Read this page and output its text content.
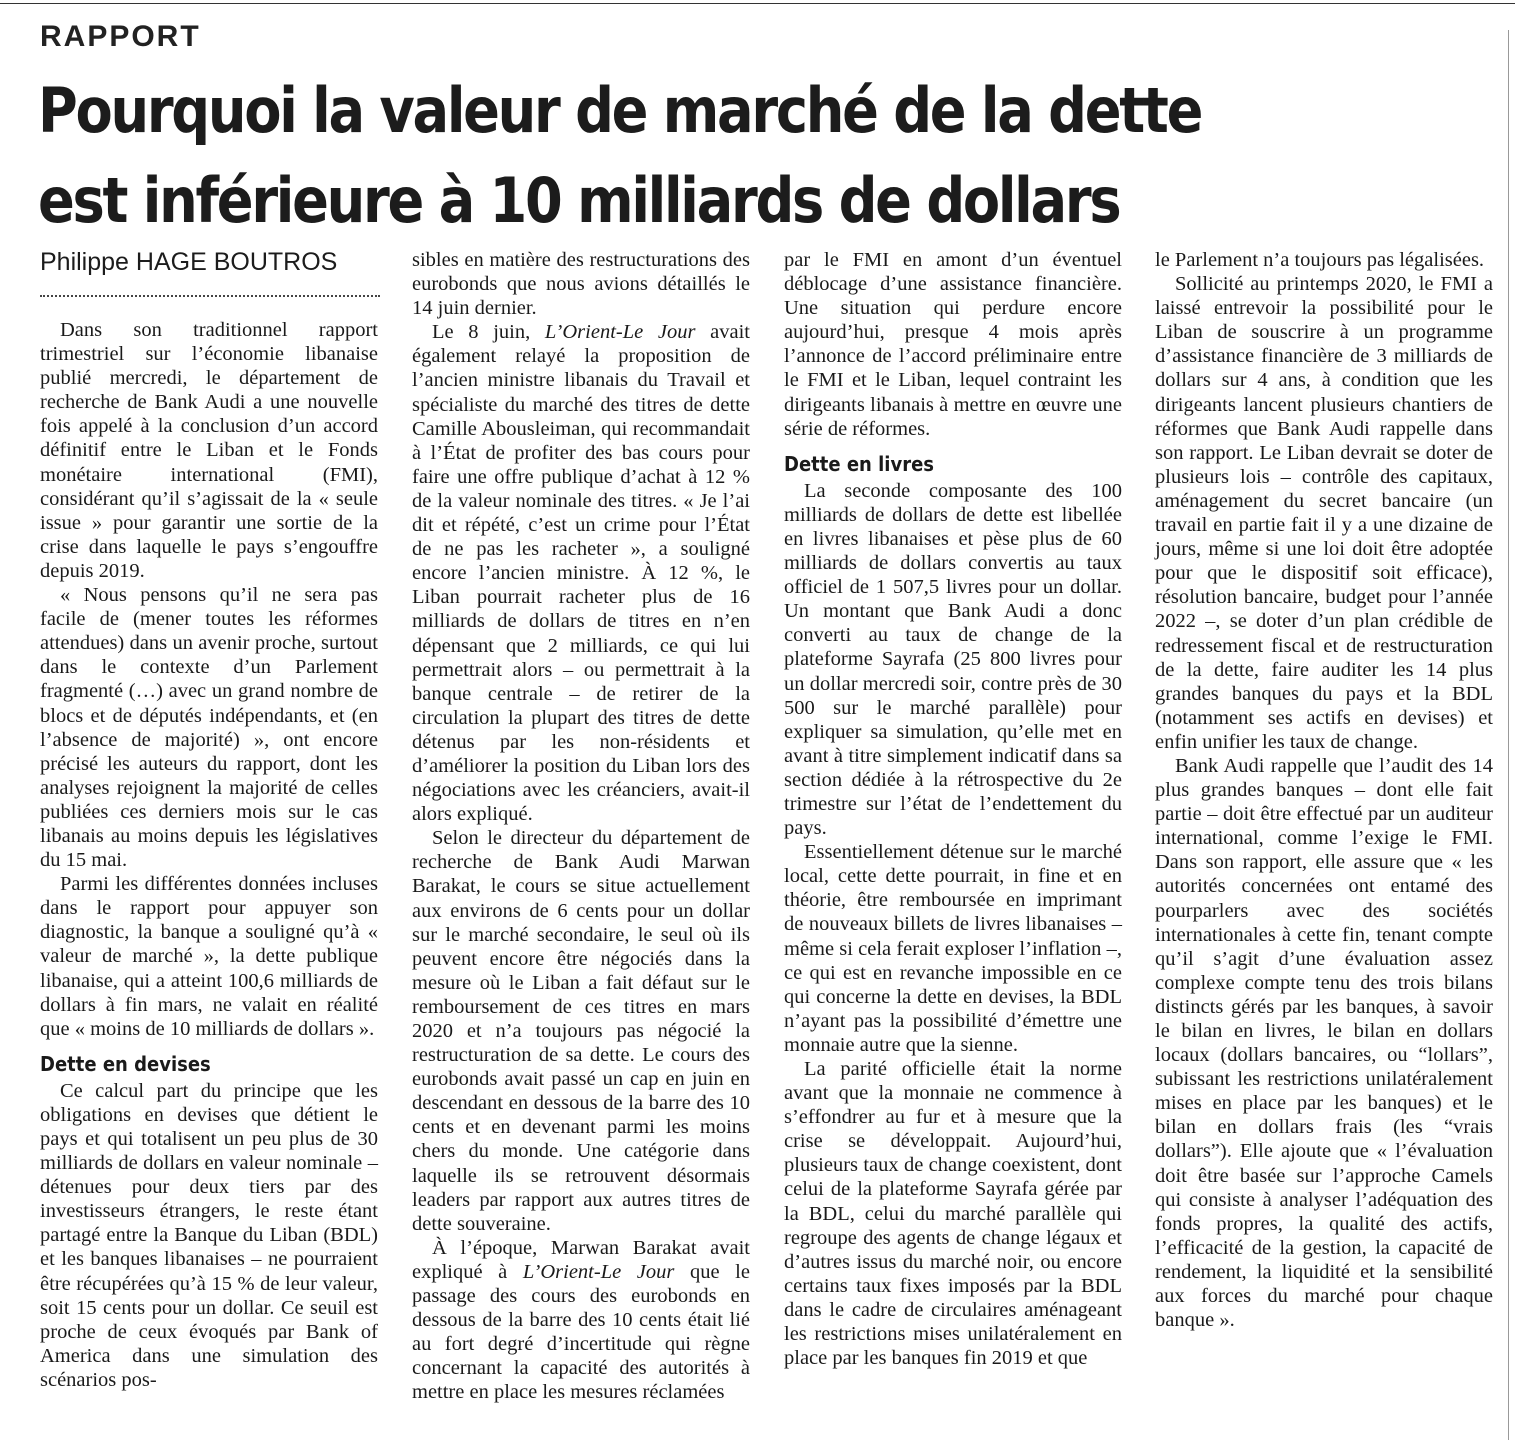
RAPPORT
Pourquoi la valeur de marché de la dette
est inférieure à 10 milliards de dollars
Philippe HAGE BOUTROS

Dans son traditionnel rapport trimestriel sur l’économie libanaise publié mercredi, le département de recherche de Bank Audi a une nouvelle fois appelé à la conclusion d’un accord définitif entre le Liban et le Fonds monétaire international (FMI), considérant qu’il s’agissait de la « seule issue » pour garantir une sortie de la crise dans laquelle le pays s’engouffre depuis 2019.

« Nous pensons qu’il ne sera pas facile de (mener toutes les réformes attendues) dans un avenir proche, surtout dans le contexte d’un Parlement fragmenté (…) avec un grand nombre de blocs et de députés indépendants, et (en l’absence de majorité) », ont encore précisé les auteurs du rapport, dont les analyses rejoignent la majorité de celles publiées ces derniers mois sur le cas libanais au moins depuis les législatives du 15 mai.

Parmi les différentes données incluses dans le rapport pour appuyer son diagnostic, la banque a souligné qu’à « valeur de marché », la dette publique libanaise, qui a atteint 100,6 milliards de dollars à fin mars, ne valait en réalité que « moins de 10 milliards de dollars ».

Dette en devises

Ce calcul part du principe que les obligations en devises que détient le pays et qui totalisent un peu plus de 30 milliards de dollars en valeur nominale – détenues pour deux tiers par des investisseurs étrangers, le reste étant partagé entre la Banque du Liban (BDL) et les banques libanaises – ne pourraient être récupérées qu’à 15 % de leur valeur, soit 15 cents pour un dollar. Ce seuil est proche de ceux évoqués par Bank of America dans une simulation des scénarios pos-

sibles en matière des restructurations des eurobonds que nous avions détaillés le 14 juin dernier.

Le 8 juin, L’Orient-Le Jour avait également relayé la proposition de l’ancien ministre libanais du Travail et spécialiste du marché des titres de dette Camille Abousleiman, qui recommandait à l’État de profiter des bas cours pour faire une offre publique d’achat à 12 % de la valeur nominale des titres. « Je l’ai dit et répété, c’est un crime pour l’État de ne pas les racheter », a souligné encore l’ancien ministre. À 12 %, le Liban pourrait racheter plus de 16 milliards de dollars de titres en n’en dépensant que 2 milliards, ce qui lui permettrait alors – ou permettrait à la banque centrale – de retirer de la circulation la plupart des titres de dette détenus par les non-résidents et d’améliorer la position du Liban lors des négociations avec les créanciers, avait-il alors expliqué.

Selon le directeur du département de recherche de Bank Audi Marwan Barakat, le cours se situe actuellement aux environs de 6 cents pour un dollar sur le marché secondaire, le seul où ils peuvent encore être négociés dans la mesure où le Liban a fait défaut sur le remboursement de ces titres en mars 2020 et n’a toujours pas négocié la restructuration de sa dette. Le cours des eurobonds avait passé un cap en juin en descendant en dessous de la barre des 10 cents et en devenant parmi les moins chers du monde. Une catégorie dans laquelle ils se retrouvent désormais leaders par rapport aux autres titres de dette souveraine.

À l’époque, Marwan Barakat avait expliqué à L’Orient-Le Jour que le passage des cours des eurobonds en dessous de la barre des 10 cents était lié au fort degré d’incertitude qui règne concernant la capacité des autorités à mettre en place les mesures réclamées

par le FMI en amont d’un éventuel déblocage d’une assistance financière. Une situation qui perdure encore aujourd’hui, presque 4 mois après l’annonce de l’accord préliminaire entre le FMI et le Liban, lequel contraint les dirigeants libanais à mettre en œuvre une série de réformes.

Dette en livres

La seconde composante des 100 milliards de dollars de dette est libellée en livres libanaises et pèse plus de 60 milliards de dollars convertis au taux officiel de 1 507,5 livres pour un dollar. Un montant que Bank Audi a donc converti au taux de change de la plateforme Sayrafa (25 800 livres pour un dollar mercredi soir, contre près de 30 500 sur le marché parallèle) pour expliquer sa simulation, qu’elle met en avant à titre simplement indicatif dans sa section dédiée à la rétrospective du 2e trimestre sur l’état de l’endettement du pays.

Essentiellement détenue sur le marché local, cette dette pourrait, in fine et en théorie, être remboursée en imprimant de nouveaux billets de livres libanaises – même si cela ferait exploser l’inflation –, ce qui est en revanche impossible en ce qui concerne la dette en devises, la BDL n’ayant pas la possibilité d’émettre une monnaie autre que la sienne.

La parité officielle était la norme avant que la monnaie ne commence à s’effondrer au fur et à mesure que la crise se développait. Aujourd’hui, plusieurs taux de change coexistent, dont celui de la plateforme Sayrafa gérée par la BDL, celui du marché parallèle qui regroupe des agents de change légaux et d’autres issus du marché noir, ou encore certains taux fixes imposés par la BDL dans le cadre de circulaires aménageant les restrictions mises unilatéralement en place par les banques fin 2019 et que

le Parlement n’a toujours pas légalisées.

Sollicité au printemps 2020, le FMI a laissé entrevoir la possibilité pour le Liban de souscrire à un programme d’assistance financière de 3 milliards de dollars sur 4 ans, à condition que les dirigeants lancent plusieurs chantiers de réformes que Bank Audi rappelle dans son rapport. Le Liban devrait se doter de plusieurs lois – contrôle des capitaux, aménagement du secret bancaire (un travail en partie fait il y a une dizaine de jours, même si une loi doit être adoptée pour que le dispositif soit efficace), résolution bancaire, budget pour l’année 2022 –, se doter d’un plan crédible de redressement fiscal et de restructuration de la dette, faire auditer les 14 plus grandes banques du pays et la BDL (notamment ses actifs en devises) et enfin unifier les taux de change.

Bank Audi rappelle que l’audit des 14 plus grandes banques – dont elle fait partie – doit être effectué par un auditeur international, comme l’exige le FMI. Dans son rapport, elle assure que « les autorités concernées ont entamé des pourparlers avec des sociétés internationales à cette fin, tenant compte qu’il s’agit d’une évaluation assez complexe compte tenu des trois bilans distincts gérés par les banques, à savoir le bilan en livres, le bilan en dollars locaux (dollars bancaires, ou “lollars”, subissant les restrictions unilatéralement mises en place par les banques) et le bilan en dollars frais (les “vrais dollars”). Elle ajoute que « l’évaluation doit être basée sur l’approche Camels qui consiste à analyser l’adéquation des fonds propres, la qualité des actifs, l’efficacité de la gestion, la capacité de rendement, la liquidité et la sensibilité aux forces du marché pour chaque banque ».
